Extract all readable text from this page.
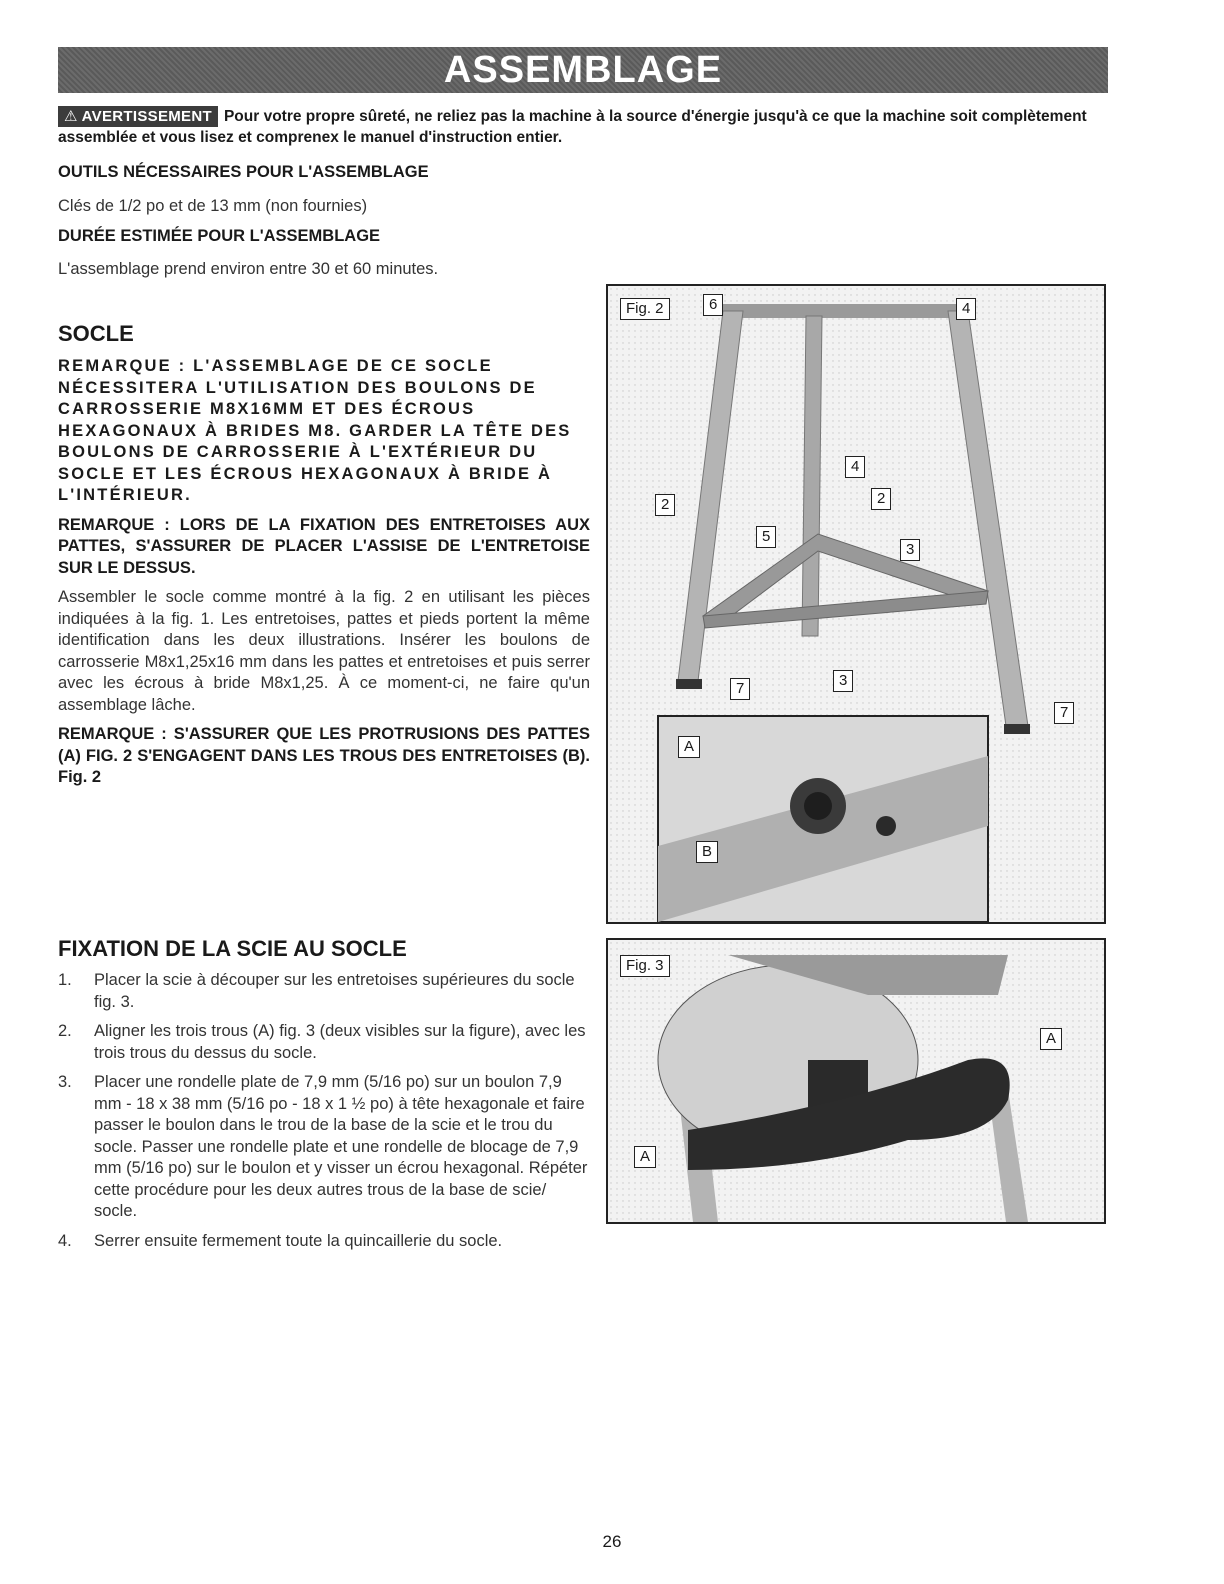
ASSEMBLAGE
⚠ AVERTISSEMENT Pour votre propre sûreté, ne reliez pas la machine à la source d'énergie jusqu'à ce que la machine soit complètement assemblée et vous lisez et comprenex le manuel d'instruction entier.
OUTILS NÉCESSAIRES POUR L'ASSEMBLAGE
Clés de 1/2 po et de 13 mm (non fournies)
DURÉE ESTIMÉE POUR L'ASSEMBLAGE
L'assemblage prend environ entre 30 et 60 minutes.
SOCLE

REMARQUE : L'ASSEMBLAGE DE CE SOCLE NÉCESSITERA L'UTILISATION DES BOULONS DE CARROSSERIE M8X16MM ET DES ÉCROUS HEXAGONAUX À BRIDES M8. GARDER LA TÊTE DES BOULONS DE CARROSSERIE À L'EXTÉRIEUR DU SOCLE ET LES ÉCROUS HEXAGONAUX À BRIDE À L'INTÉRIEUR.

REMARQUE : LORS DE LA FIXATION DES ENTRETOISES AUX PATTES, S'ASSURER DE PLACER L'ASSISE DE L'ENTRETOISE SUR LE DESSUS.

Assembler le socle comme montré à la fig. 2 en utilisant les pièces indiquées à la fig. 1. Les entretoises, pattes et pieds portent la même identification dans les deux illustrations. Insérer les boulons de carrosserie M8x1,25x16 mm dans les pattes et entretoises et puis serrer avec les écrous à bride M8x1,25. À ce moment-ci, ne faire qu'un assemblage lâche.

REMARQUE : S'ASSURER QUE LES PROTRUSIONS DES PATTES (A) FIG. 2 S'ENGAGENT DANS LES TROUS DES ENTRETOISES (B). Fig. 2

Fig. 2	6	4
4
2	2
5
3
3
7
7
A
B
FIXATION DE LA SCIE AU SOCLE
1.	Placer la scie à découper sur les entretoises supérieures du socle fig. 3.
2.	Aligner les trois trous (A) fig. 3 (deux visibles sur la figure), avec les trois trous du dessus du socle.
3.	Placer une rondelle plate de 7,9 mm (5/16 po) sur un boulon 7,9 mm - 18 x 38 mm (5/16 po - 18 x 1 ½ po) à tête hexagonale et faire passer le boulon dans le trou de la base de la scie et le trou du socle. Passer une rondelle plate et une rondelle de blocage de 7,9 mm (5/16 po) sur le boulon et y visser un écrou hexagonal. Répéter cette procédure pour les deux autres trous de la base de scie/ socle.
4.	Serrer ensuite fermement toute la quincaillerie du socle.
Fig. 3
A
A
26
